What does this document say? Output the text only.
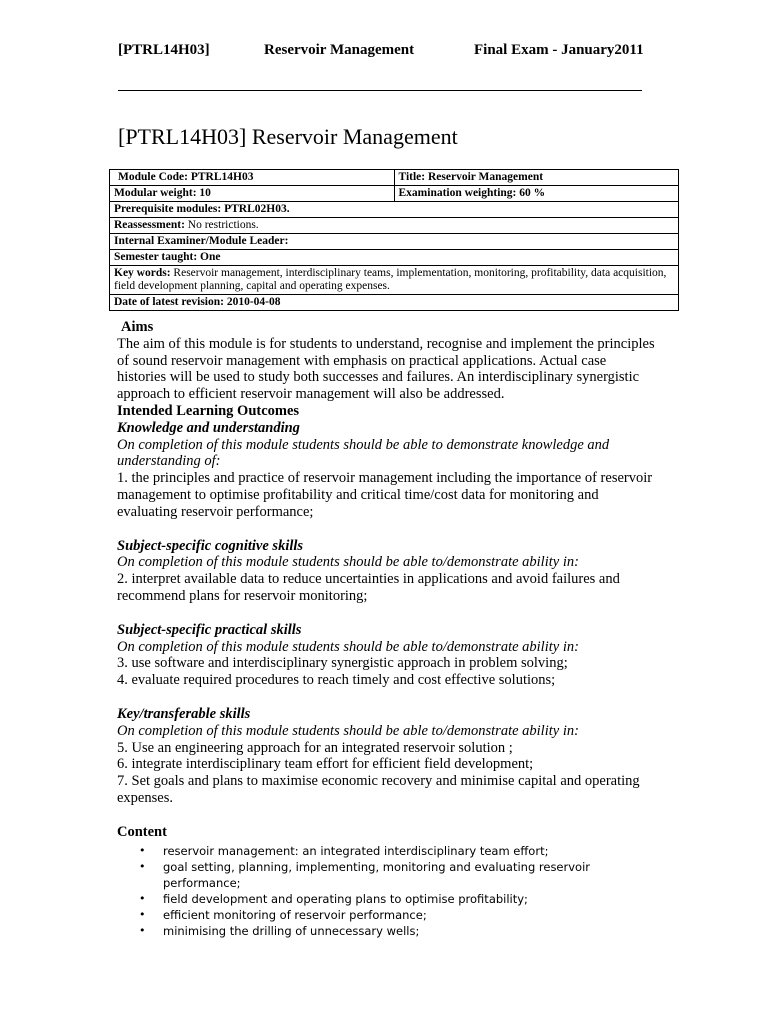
[PTRL14H03]	Reservoir Management	Final Exam - January2011
[PTRL14H03] Reservoir Management
Module Code: PTRL14H03	Title: Reservoir Management
Modular weight: 10	Examination weighting: 60 %
Prerequisite modules: PTRL02H03.	
Reassessment: No restrictions.	
Internal Examiner/Module Leader:	
Semester taught: One	
Key words: Reservoir management, interdisciplinary teams, implementation, monitoring, profitability, data acquisition, field development planning, capital and operating expenses.	
Date of latest revision: 2010-04-08	

Aims

The aim of this module is for students to understand, recognise and implement the principles of sound reservoir management with emphasis on practical applications. Actual case histories will be used to study both successes and failures. An interdisciplinary synergistic approach to efficient reservoir management will also be addressed.

Intended Learning Outcomes

Knowledge and understanding

On completion of this module students should be able to demonstrate knowledge and understanding of:

1. the principles and practice of reservoir management including the importance of reservoir management to optimise profitability and critical time/cost data for monitoring and evaluating reservoir performance;

Subject-specific cognitive skills

On completion of this module students should be able to/demonstrate ability in:

2. interpret available data to reduce uncertainties in applications and avoid failures and recommend plans for reservoir monitoring;

Subject-specific practical skills

On completion of this module students should be able to/demonstrate ability in:

3. use software and interdisciplinary synergistic approach in problem solving;

4. evaluate required procedures to reach timely and cost effective solutions;

Key/transferable skills

On completion of this module students should be able to/demonstrate ability in:

5. Use an engineering approach for an integrated reservoir solution ;

6. integrate interdisciplinary team effort for efficient field development;

7. Set goals and plans to maximise economic recovery and minimise capital and operating expenses.

Content

• reservoir management: an integrated interdisciplinary team effort;
• goal setting, planning, implementing, monitoring and evaluating reservoir performance;
• field development and operating plans to optimise profitability;
• efficient monitoring of reservoir performance;
• minimising the drilling of unnecessary wells;
